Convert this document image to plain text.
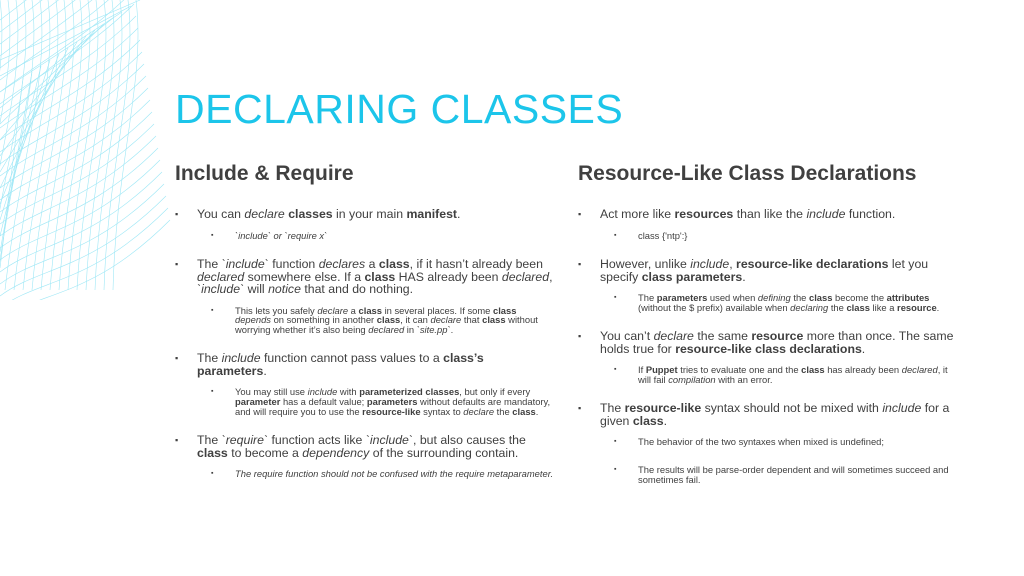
DECLARING CLASSES
Include & Require
▪ You can declare classes in your main manifest.
▪ `include` or `require x`
▪ The `include` function declares a class, if it hasn’t already been declared somewhere else. If a class HAS already been declared, `include` will notice that and do nothing.
▪ This lets you safely declare a class in several places. If some class depends on something in another class, it can declare that class without worrying whether it’s also being declared in `site.pp`.
▪ The include function cannot pass values to a class’s parameters.
▪ You may still use include with parameterized classes, but only if every parameter has a default value; parameters without defaults are mandatory, and will require you to use the resource-like syntax to declare the class.
▪ The `require` function acts like `include`, but also causes the class to become a dependency of the surrounding contain.
▪ The require function should not be confused with the require metaparameter.
Resource-Like Class Declarations
▪ Act more like resources than like the include function.
▪ class {'ntp':}
▪ However, unlike include, resource-like declarations let you specify class parameters.
▪ The parameters used when defining the class become the attributes (without the $ prefix) available when declaring the class like a resource.
▪ You can’t declare the same resource more than once. The same holds true for resource-like class declarations.
▪ If Puppet tries to evaluate one and the class has already been declared, it will fail compilation with an error.
▪ The resource-like syntax should not be mixed with include for a given class.
▪ The behavior of the two syntaxes when mixed is undefined;
▪ The results will be parse-order dependent and will sometimes succeed and sometimes fail.
